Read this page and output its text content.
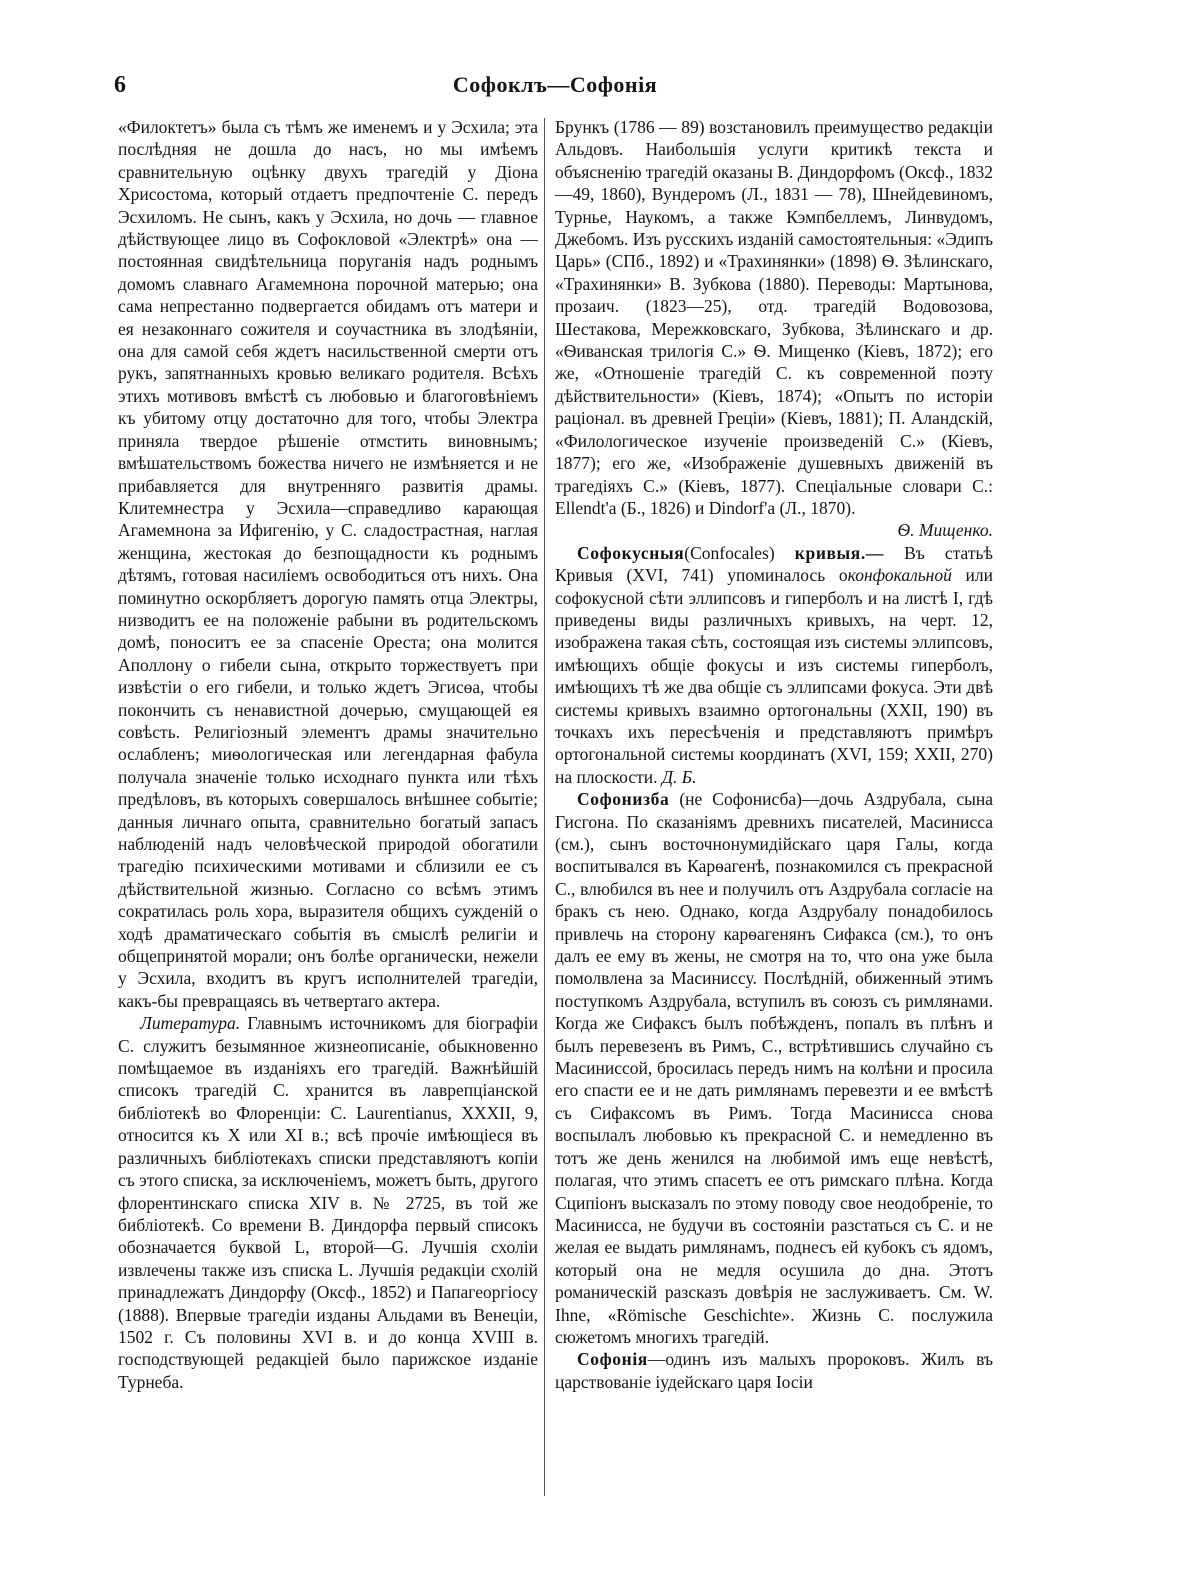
6	Софоклъ—Софонія

«Филоктетъ» была съ тѣмъ же именемъ и у Эсхила; эта послѣдняя не дошла до насъ, но мы имѣемъ сравнительную оцѣнку двухъ трагедій у Діона Хрисостома, который отдаетъ предпочтеніе С. передъ Эсхиломъ. Не сынъ, какъ у Эсхила, но дочь — главное дѣйствующее лицо въ Софокловой «Электрѣ» она — постоянная свидѣтельница поруганія надъ роднымъ домомъ славнаго Агамемнона порочной матерью; она сама непрестанно подвергается обидамъ отъ матери и ея незаконнаго сожителя и соучастника въ злодѣяніи, она для самой себя ждетъ насильственной смерти отъ рукъ, запятнанныхъ кровью великаго родителя. Всѣхъ этихъ мотивовъ вмѣстѣ съ любовью и благоговѣніемъ къ убитому отцу достаточно для того, чтобы Электра приняла твердое рѣшеніе отмстить виновнымъ; вмѣшательствомъ божества ничего не измѣняется и не прибавляется для внутренняго развитія драмы. Клитемнестра у Эсхила—справедливо карающая Агамемнона за Ифигенію, у С. сладострастная, наглая женщина, жестокая до безпощадности къ роднымъ дѣтямъ, готовая насиліемъ освободиться отъ нихъ. Она поминутно оскорбляетъ дорогую память отца Электры, низводитъ ее на положеніе рабыни въ родительскомъ домѣ, поноситъ ее за спасеніе Ореста; она молится Аполлону о гибели сына, открыто торжествуетъ при извѣстіи о его гибели, и только ждетъ Эгисѳа, чтобы покончить съ ненавистной дочерью, смущающей ея совѣсть. Религіозный элементъ драмы значительно ослабленъ; миѳологическая или легендарная фабула получала значеніе только исходнаго пункта или тѣхъ предѣловъ, въ которыхъ совершалось внѣшнее событіе; данныя личнаго опыта, сравнительно богатый запасъ наблюденій надъ человѣческой природой обогатили трагедію психическими мотивами и сблизили ее съ дѣйствительной жизнью. Согласно со всѣмъ этимъ сократилась роль хора, выразителя общихъ сужденій о ходѣ драматическаго событія въ смыслѣ религіи и общепринятой морали; онъ болѣе органически, нежели у Эсхила, входитъ въ кругъ исполнителей трагедіи, какъ-бы превращаясь въ четвертаго актера.

Литература. Главнымъ источникомъ для біографіи С. служитъ безымянное жизнеописаніе, обыкновенно помѣщаемое въ изданіяхъ его трагедій. Важнѣйшій списокъ трагедій С. хранится въ лаврепціанской библіотекѣ во Флоренціи: C. Laurentianus, XXXII, 9, относится къ X или XI в.; всѣ прочіе имѣющіеся въ различныхъ библіотекахъ списки представляютъ копіи съ этого списка, за исключеніемъ, можетъ быть, другого флорентинскаго списка XIV в. № 2725, въ той же библіотекѣ. Со времени В. Диндорфа первый списокъ обозначается буквой L, второй—G. Лучшія схоліи извлечены также изъ списка L. Лучшія редакціи схолій принадлежатъ Диндорфу (Оксф., 1852) и Папагеоргіосу (1888). Впервые трагедіи изданы Альдами въ Венеціи, 1502 г. Съ половины XVI в. и до конца XVIII в. господствующей редакціей было парижское изданіе Турнеба.

Брункъ (1786 — 89) возстановилъ преимущество редакціи Альдовъ. Наибольшія услуги критикѣ текста и объясненію трагедій оказаны В. Диндорфомъ (Оксф., 1832—49, 1860), Вундеромъ (Л., 1831 — 78), Шнейдевиномъ, Турнье, Наукомъ, а также Кэмпбеллемъ, Линвудомъ, Джебомъ. Изъ русскихъ изданій самостоятельныя: «Эдипъ Царь» (СПб., 1892) и «Трахинянки» (1898) Ѳ. Зѣлинскаго, «Трахинянки» В. Зубкова (1880). Переводы: Мартынова, прозаич. (1823—25), отд. трагедій Водовозова, Шестакова, Мережковскаго, Зубкова, Зѣлинскаго и др. «Ѳиванская трилогія С.» Ѳ. Мищенко (Кіевъ, 1872); его же, «Отношеніе трагедій С. къ современной поэту дѣйствительности» (Кіевъ, 1874); «Опытъ по исторіи раціонал. въ древней Греціи» (Кіевъ, 1881); П. Аландскій, «Филологическое изученіе произведеній С.» (Кіевъ, 1877); его же, «Изображеніе душевныхъ движеній въ трагедіяхъ С.» (Кіевъ, 1877). Спеціальные словари С.: Ellendt'а (Б., 1826) и Dindorf'а (Л., 1870).

Ѳ. Мищенко.

Софокусныя(Confocales) кривыя.— Въ статьѣ Кривыя (XVI, 741) упоминалось оконфокальной или софокусной сѣти эллипсовъ и гиперболъ и на листѣ I, гдѣ приведены виды различныхъ кривыхъ, на черт. 12, изображена такая сѣть, состоящая изъ системы эллипсовъ, имѣющихъ общіе фокусы и изъ системы гиперболъ, имѣющихъ тѣ же два общіе съ эллипсами фокуса. Эти двѣ системы кривыхъ взаимно ортогональны (XXII, 190) въ точкахъ ихъ пересѣченія и представляютъ примѣръ ортогональной системы координатъ (XVI, 159; XXII, 270) на плоскости. Д. Б.

Софонизба (не Софонисба)—дочь Аздрубала, сына Гисгона. По сказаніямъ древнихъ писателей, Масинисса (см.), сынъ восточнонумидійскаго царя Галы, когда воспитывался въ Карѳагенѣ, познакомился съ прекрасной С., влюбился въ нее и получилъ отъ Аздрубала согласіе на бракъ съ нею. Однако, когда Аздрубалу понадобилось привлечь на сторону карѳагенянъ Сифакса (см.), то онъ далъ ее ему въ жены, не смотря на то, что она уже была помолвлена за Масиниссу. Послѣдній, обиженный этимъ поступкомъ Аздрубала, вступилъ въ союзъ съ римлянами. Когда же Сифаксъ былъ побѣжденъ, попалъ въ плѣнъ и былъ перевезенъ въ Римъ, С., встрѣтившись случайно съ Масиниссой, бросилась передъ нимъ на колѣни и просила его спасти ее и не дать римлянамъ перевезти и ее вмѣстѣ съ Сифаксомъ въ Римъ. Тогда Масинисса снова воспылалъ любовью къ прекрасной С. и немедленно въ тотъ же день женился на любимой имъ еще невѣстѣ, полагая, что этимъ спасетъ ее отъ римскаго плѣна. Когда Сципіонъ высказалъ по этому поводу свое неодобреніе, то Масинисса, не будучи въ состояніи разстаться съ С. и не желая ее выдать римлянамъ, поднесъ ей кубокъ съ ядомъ, который она не медля осушила до дна. Этотъ романическій разсказъ довѣрія не заслуживаетъ. См. W. Ihne, «Römische Geschichte». Жизнь С. послужила сюжетомъ многихъ трагедій.

Софонія—одинъ изъ малыхъ пророковъ. Жилъ въ царствованіе іудейскаго царя Іосіи
